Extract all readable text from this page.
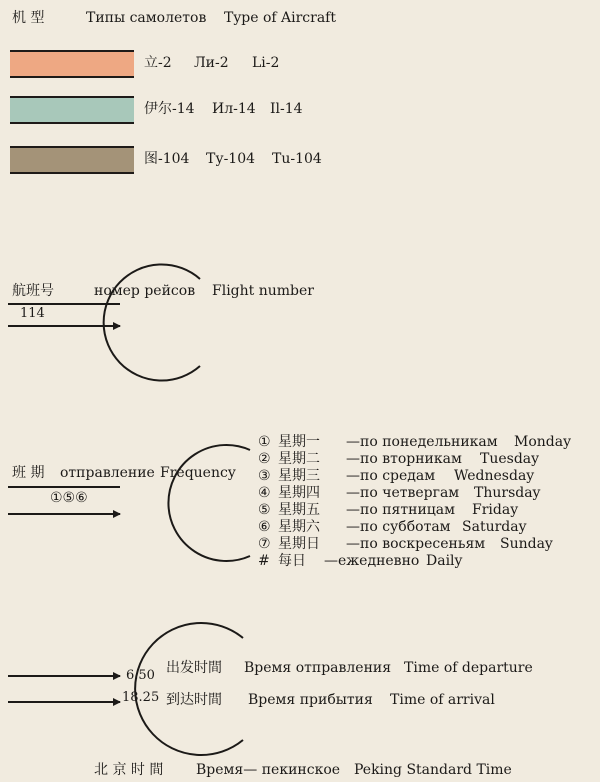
机 型	Типы самолетов Type of Aircraft
立-2 Ли-2 Li-2
伊尔-14 Ил-14 Il-14
图-104 Ту-104 Tu-104
航班号	номер рейсов Flight number
114
班 期 отправление Frequency
①⑤⑥
① 星期一 —по понедельникам Monday
② 星期二 —по вторникам Tuesday
③ 星期三 —по средам Wednesday
④ 星期四 —по четвергам Thursday
⑤ 星期五 —по пятницам Friday
⑥ 星期六 —по субботам Saturday
⑦ 星期日 —по воскресеньям Sunday
# 每日 —ежедневно Daily
6.50 出发时間 Время отправления Time of departure
18.25 到达时間 Время прибытия Time of arrival
北 京 时 間 Время— пекинское Peking Standard Time
